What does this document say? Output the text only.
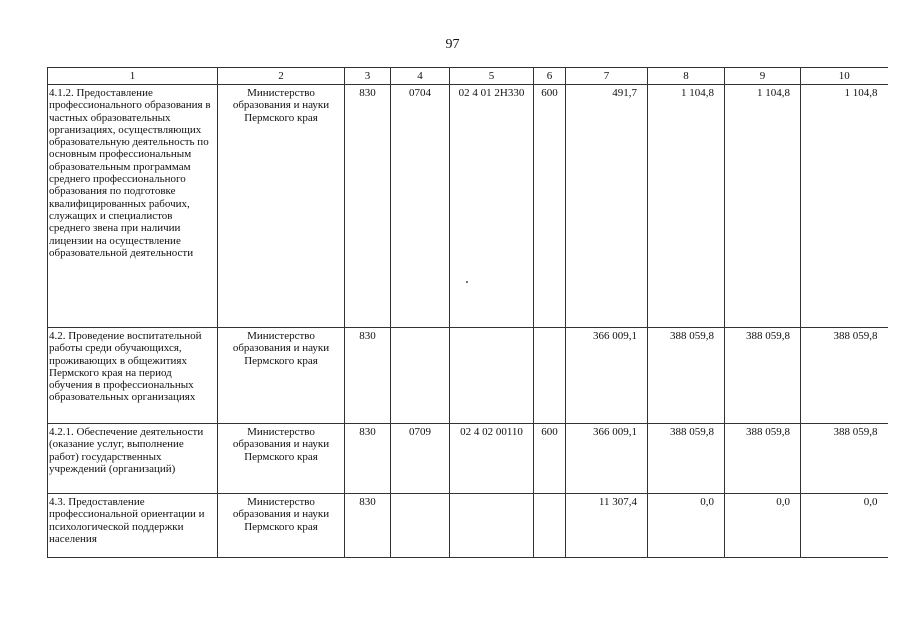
97
1	2	3	4	5	6	7	8	9	10
4.1.2. Предоставление профессионального образования в частных образовательных организациях, осуществляющих образовательную деятельность по основным профессиональным образовательным программам среднего профессионального образования по подготовке квалифицированных рабочих, служащих и специалистов среднего звена при наличии лицензии на осуществление образовательной деятельности	Министерство образования и науки Пермского края	830	0704	02 4 01 2Н330	600	491,7	1 104,8	1 104,8	1 104,8
4.2. Проведение воспитательной работы среди обучающихся, проживающих в общежитиях Пермского края на период обучения в профессиональных образовательных организациях	Министерство образования и науки Пермского края	830				366 009,1	388 059,8	388 059,8	388 059,8
4.2.1. Обеспечение деятельности (оказание услуг, выполнение работ) государственных учреждений (организаций)	Министерство образования и науки Пермского края	830	0709	02 4 02 00110	600	366 009,1	388 059,8	388 059,8	388 059,8
4.3. Предоставление профессиональной ориентации и психологической поддержки населения	Министерство образования и науки Пермского края	830				11 307,4	0,0	0,0	0,0
